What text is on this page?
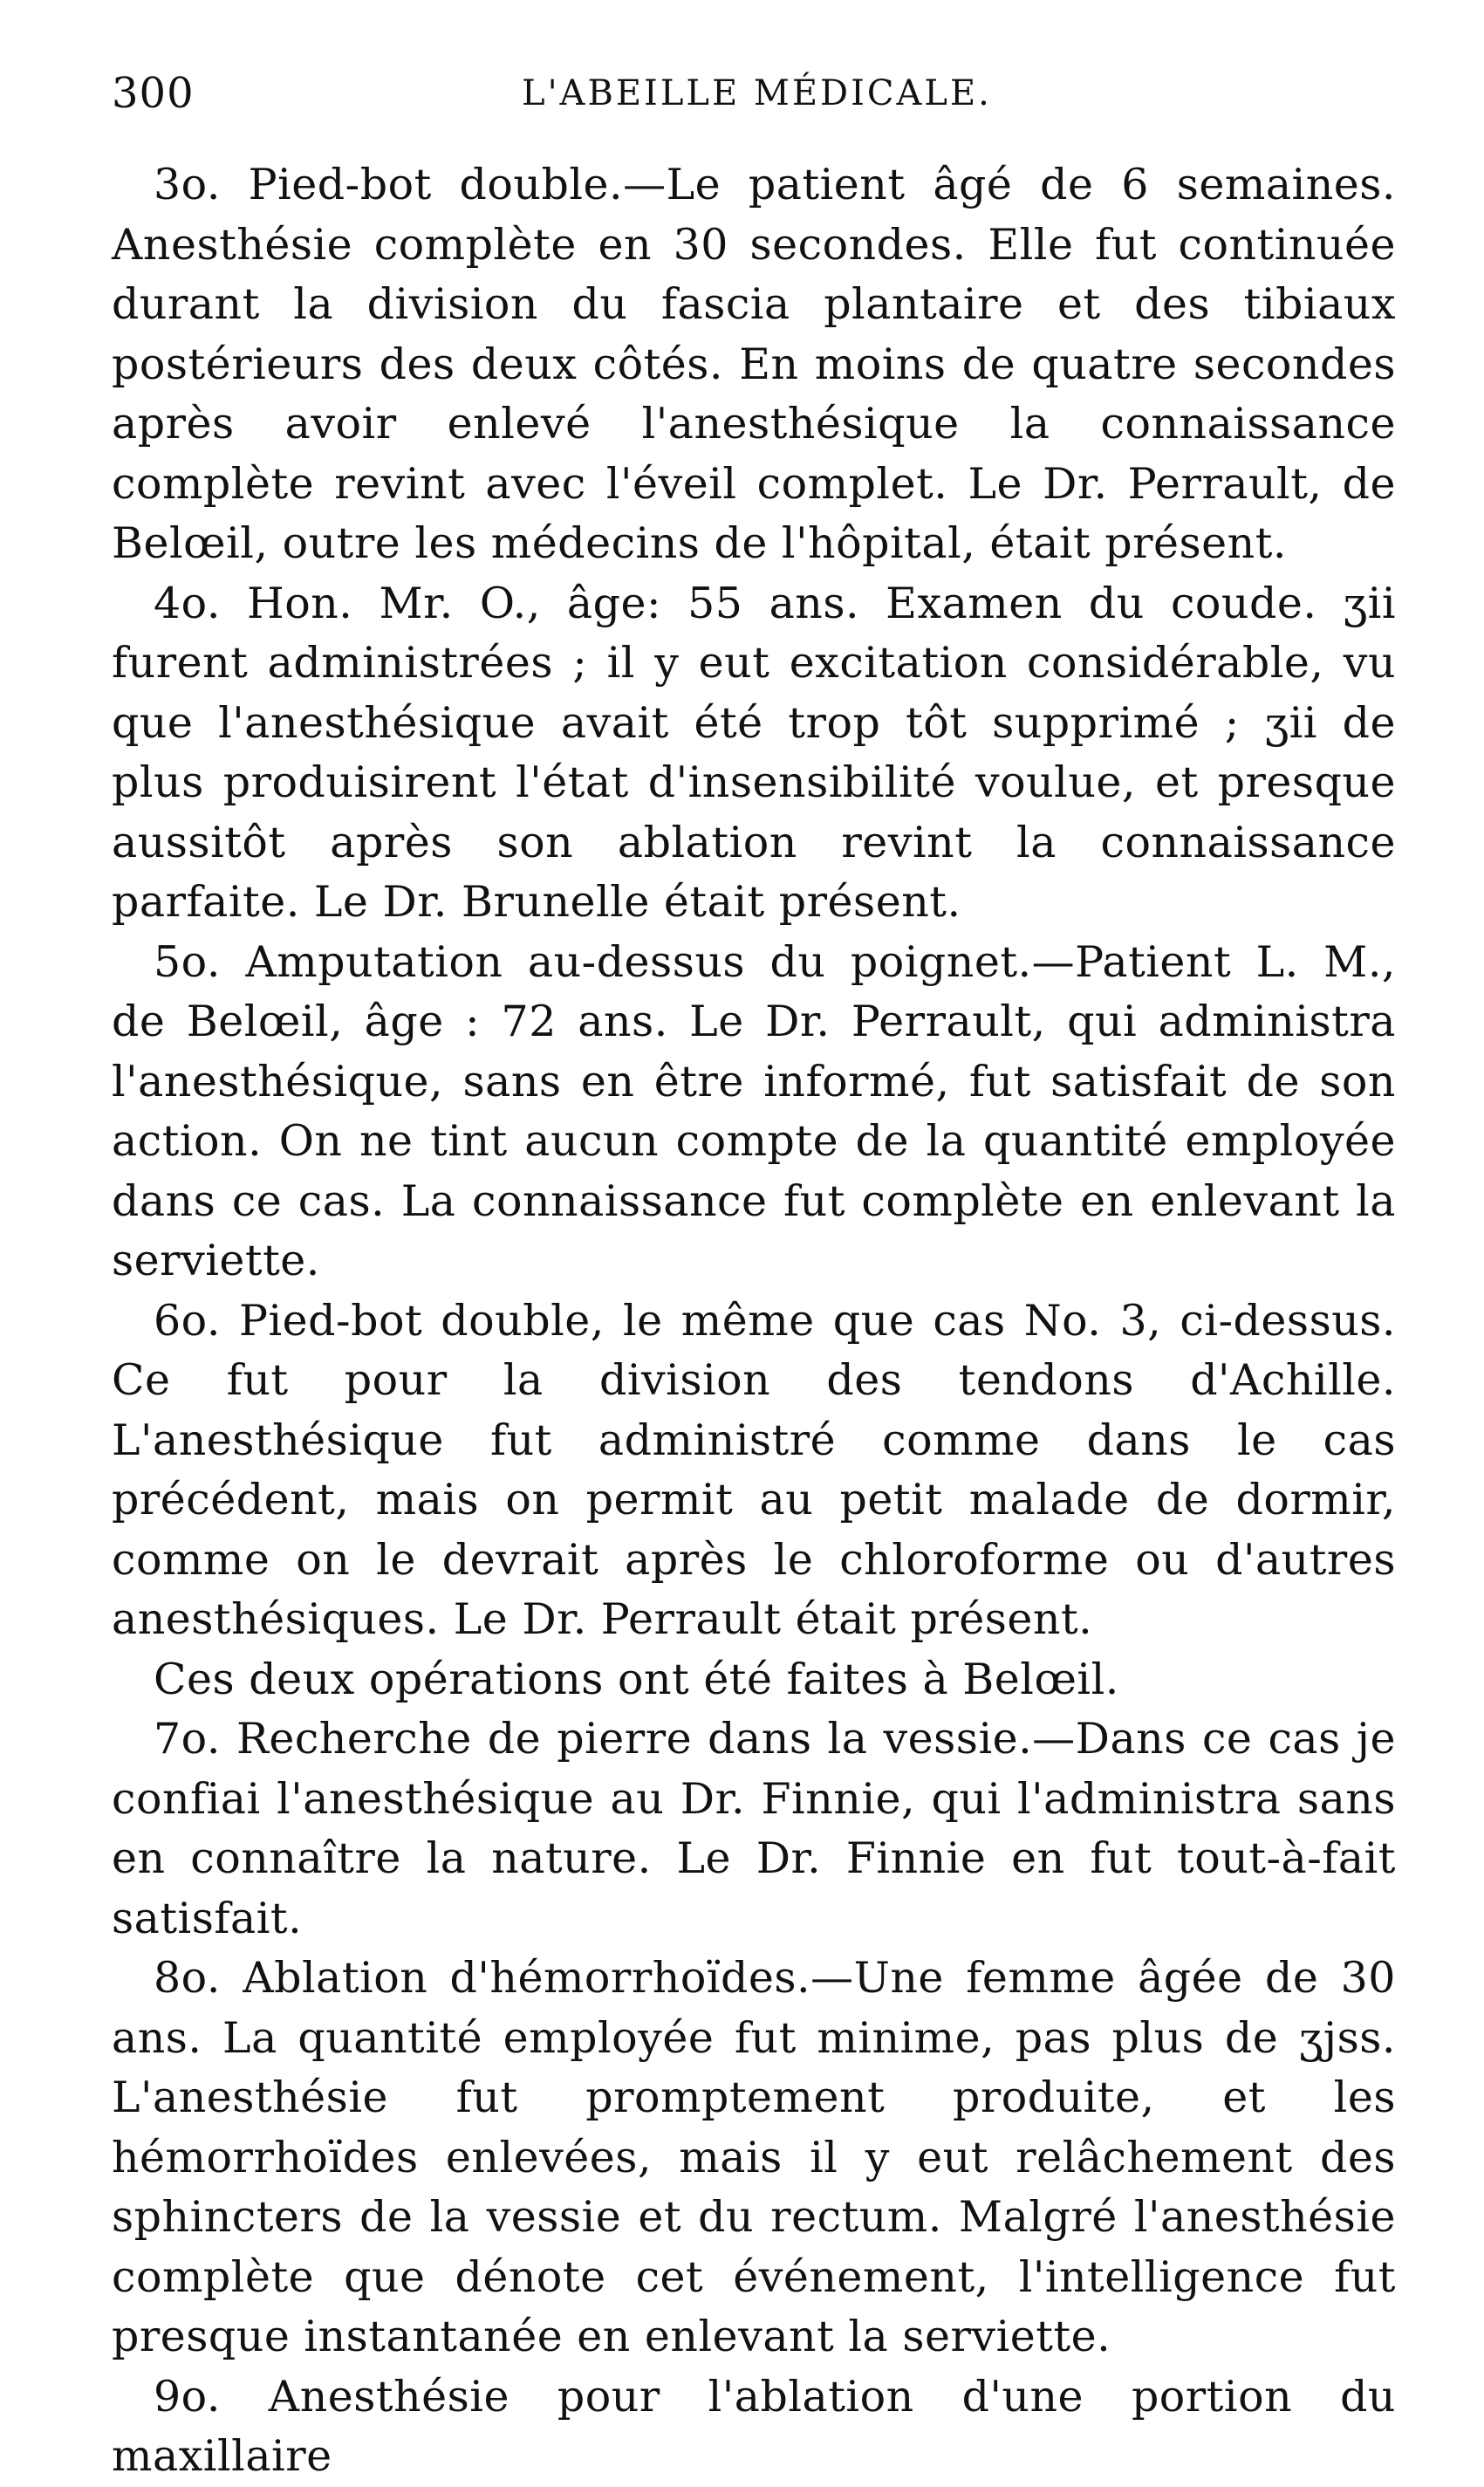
300	L'ABEILLE MÉDICALE.

3o. Pied-bot double.—Le patient âgé de 6 semaines. Anesthésie complète en 30 secondes. Elle fut continuée durant la division du fascia plantaire et des tibiaux postérieurs des deux côtés. En moins de quatre secondes après avoir enlevé l'anesthésique la connaissance complète revint avec l'éveil complet. Le Dr. Perrault, de Belœil, outre les médecins de l'hôpital, était présent.

4o. Hon. Mr. O., âge: 55 ans. Examen du coude. ʒii furent administrées ; il y eut excitation considérable, vu que l'anesthésique avait été trop tôt supprimé ; ʒii de plus produisirent l'état d'insensibilité voulue, et presque aussitôt après son ablation revint la connaissance parfaite. Le Dr. Brunelle était présent.

5o. Amputation au-dessus du poignet.—Patient L. M., de Belœil, âge : 72 ans. Le Dr. Perrault, qui administra l'anesthésique, sans en être informé, fut satisfait de son action. On ne tint aucun compte de la quantité employée dans ce cas. La connaissance fut complète en enlevant la serviette.

6o. Pied-bot double, le même que cas No. 3, ci-dessus. Ce fut pour la division des tendons d'Achille. L'anesthésique fut administré comme dans le cas précédent, mais on permit au petit malade de dormir, comme on le devrait après le chloroforme ou d'autres anesthésiques. Le Dr. Perrault était présent.

Ces deux opérations ont été faites à Belœil.

7o. Recherche de pierre dans la vessie.—Dans ce cas je confiai l'anesthésique au Dr. Finnie, qui l'administra sans en connaître la nature. Le Dr. Finnie en fut tout-à-fait satisfait.

8o. Ablation d'hémorrhoïdes.—Une femme âgée de 30 ans. La quantité employée fut minime, pas plus de ʒjss. L'anesthésie fut promptement produite, et les hémorrhoïdes enlevées, mais il y eut relâchement des sphincters de la vessie et du rectum. Malgré l'anesthésie complète que dénote cet événement, l'intelligence fut presque instantanée en enlevant la serviette.

9o. Anesthésie pour l'ablation d'une portion du maxillaire
